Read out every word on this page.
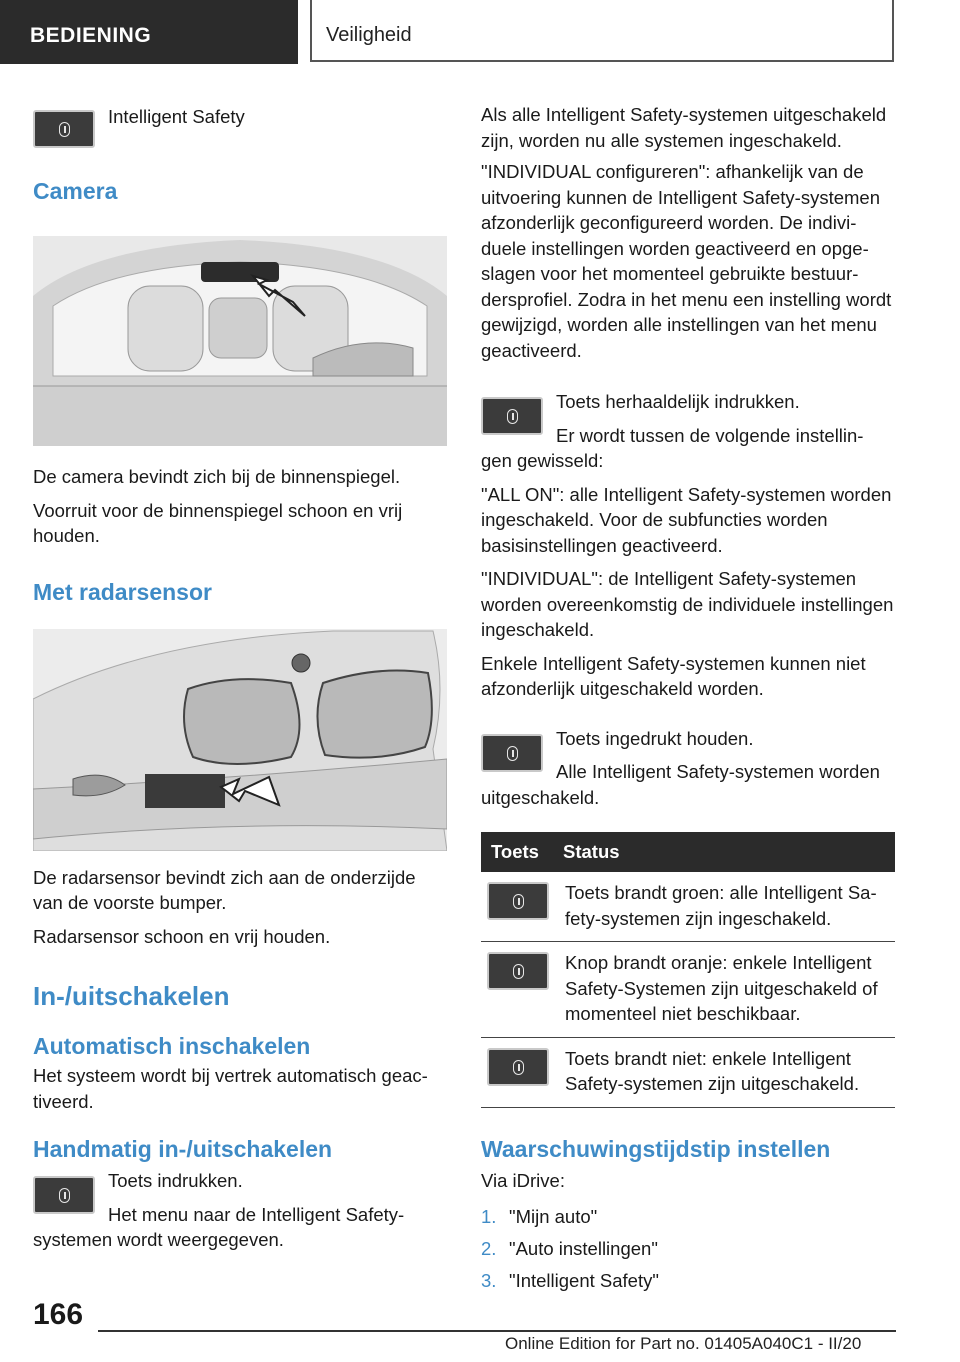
BEDIENING	Veiligheid

Intelligent Safety

Camera

De camera bevindt zich bij de binnenspiegel.

Voorruit voor de binnenspiegel schoon en vrij houden.

Met radarsensor

De radarsensor bevindt zich aan de onderzijde van de voorste bumper.

Radarsensor schoon en vrij houden.

In-/uitschakelen
Automatisch inschakelen

Het systeem wordt bij vertrek automatisch geactiveerd.

Handmatig in-/uitschakelen

Toets indrukken.

Het menu naar de Intelligent Safety-

systemen wordt weergegeven.

Als alle Intelligent Safety-systemen uitgeschakeld zijn, worden nu alle systemen ingeschakeld.

"INDIVIDUAL configureren": afhankelijk van de uitvoering kunnen de Intelligent Safety-systemen afzonderlijk geconfigureerd worden. De individuele instellingen worden geactiveerd en opgeslagen voor het momenteel gebruikte bestuurdersprofiel. Zodra in het menu een instelling wordt gewijzigd, worden alle instellingen van het menu geactiveerd.

Toets herhaaldelijk indrukken.

Er wordt tussen de volgende instellin-

gen gewisseld:

"ALL ON": alle Intelligent Safety-systemen worden ingeschakeld. Voor de subfuncties worden basisinstellingen geactiveerd.

"INDIVIDUAL": de Intelligent Safety-systemen worden overeenkomstig de individuele instellingen ingeschakeld.

Enkele Intelligent Safety-systemen kunnen niet afzonderlijk uitgeschakeld worden.

Toets ingedrukt houden.

Alle Intelligent Safety-systemen worden

uitgeschakeld.

Toets	Status
	Toets brandt groen: alle Intelligent Safety-systemen zijn ingeschakeld.
	Knop brandt oranje: enkele Intelligent Safety-Systemen zijn uitgeschakeld of momenteel niet beschikbaar.
	Toets brandt niet: enkele Intelligent Safety-systemen zijn uitgeschakeld.
Waarschuwingstijdstip instellen

Via iDrive:

1. "Mijn auto"
2. "Auto instellingen"
3. "Intelligent Safety"
166
Online Edition for Part no. 01405A040C1 - II/20
